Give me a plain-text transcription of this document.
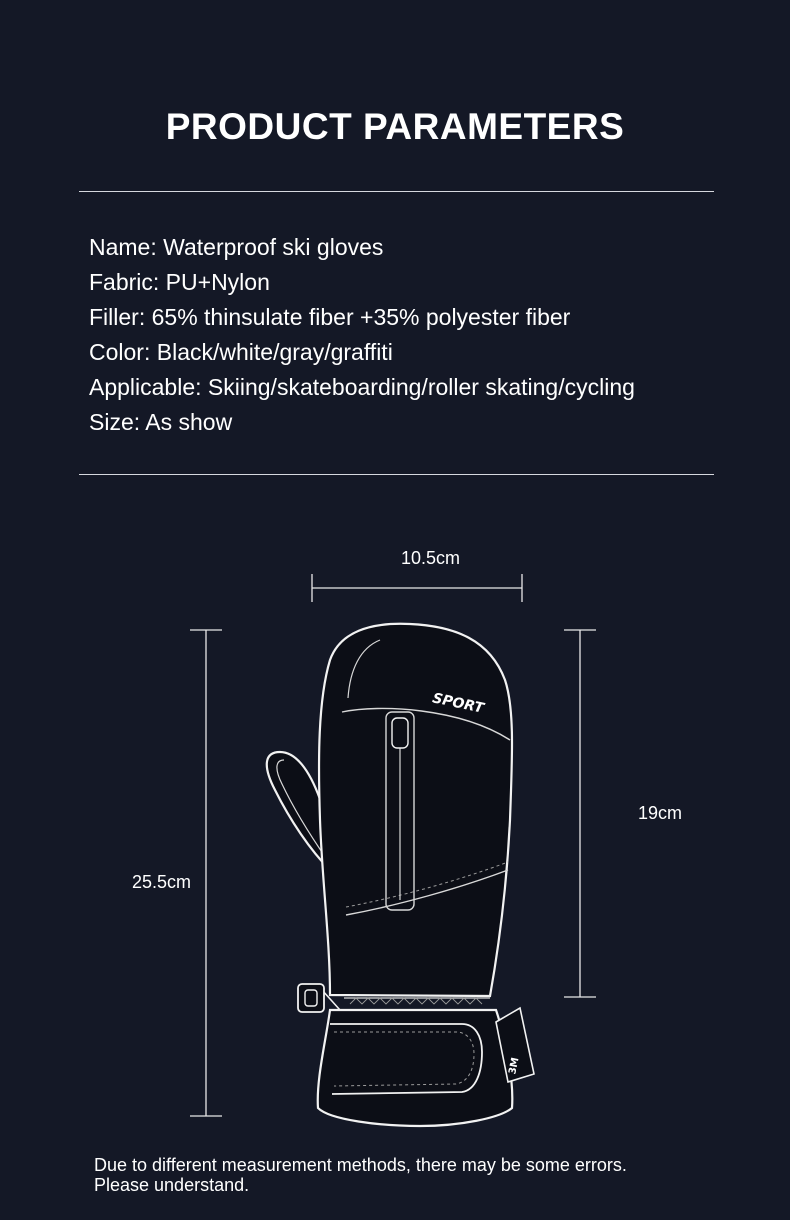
PRODUCT PARAMETERS
Name: Waterproof ski gloves
Fabric: PU+Nylon
Filler: 65% thinsulate fiber +35% polyester fiber
Color: Black/white/gray/graffiti
Applicable: Skiing/skateboarding/roller skating/cycling
Size: As show
10.5cm
25.5cm
19cm
SPORT
3M
Due to different measurement methods, there may be some errors.
Please understand.
